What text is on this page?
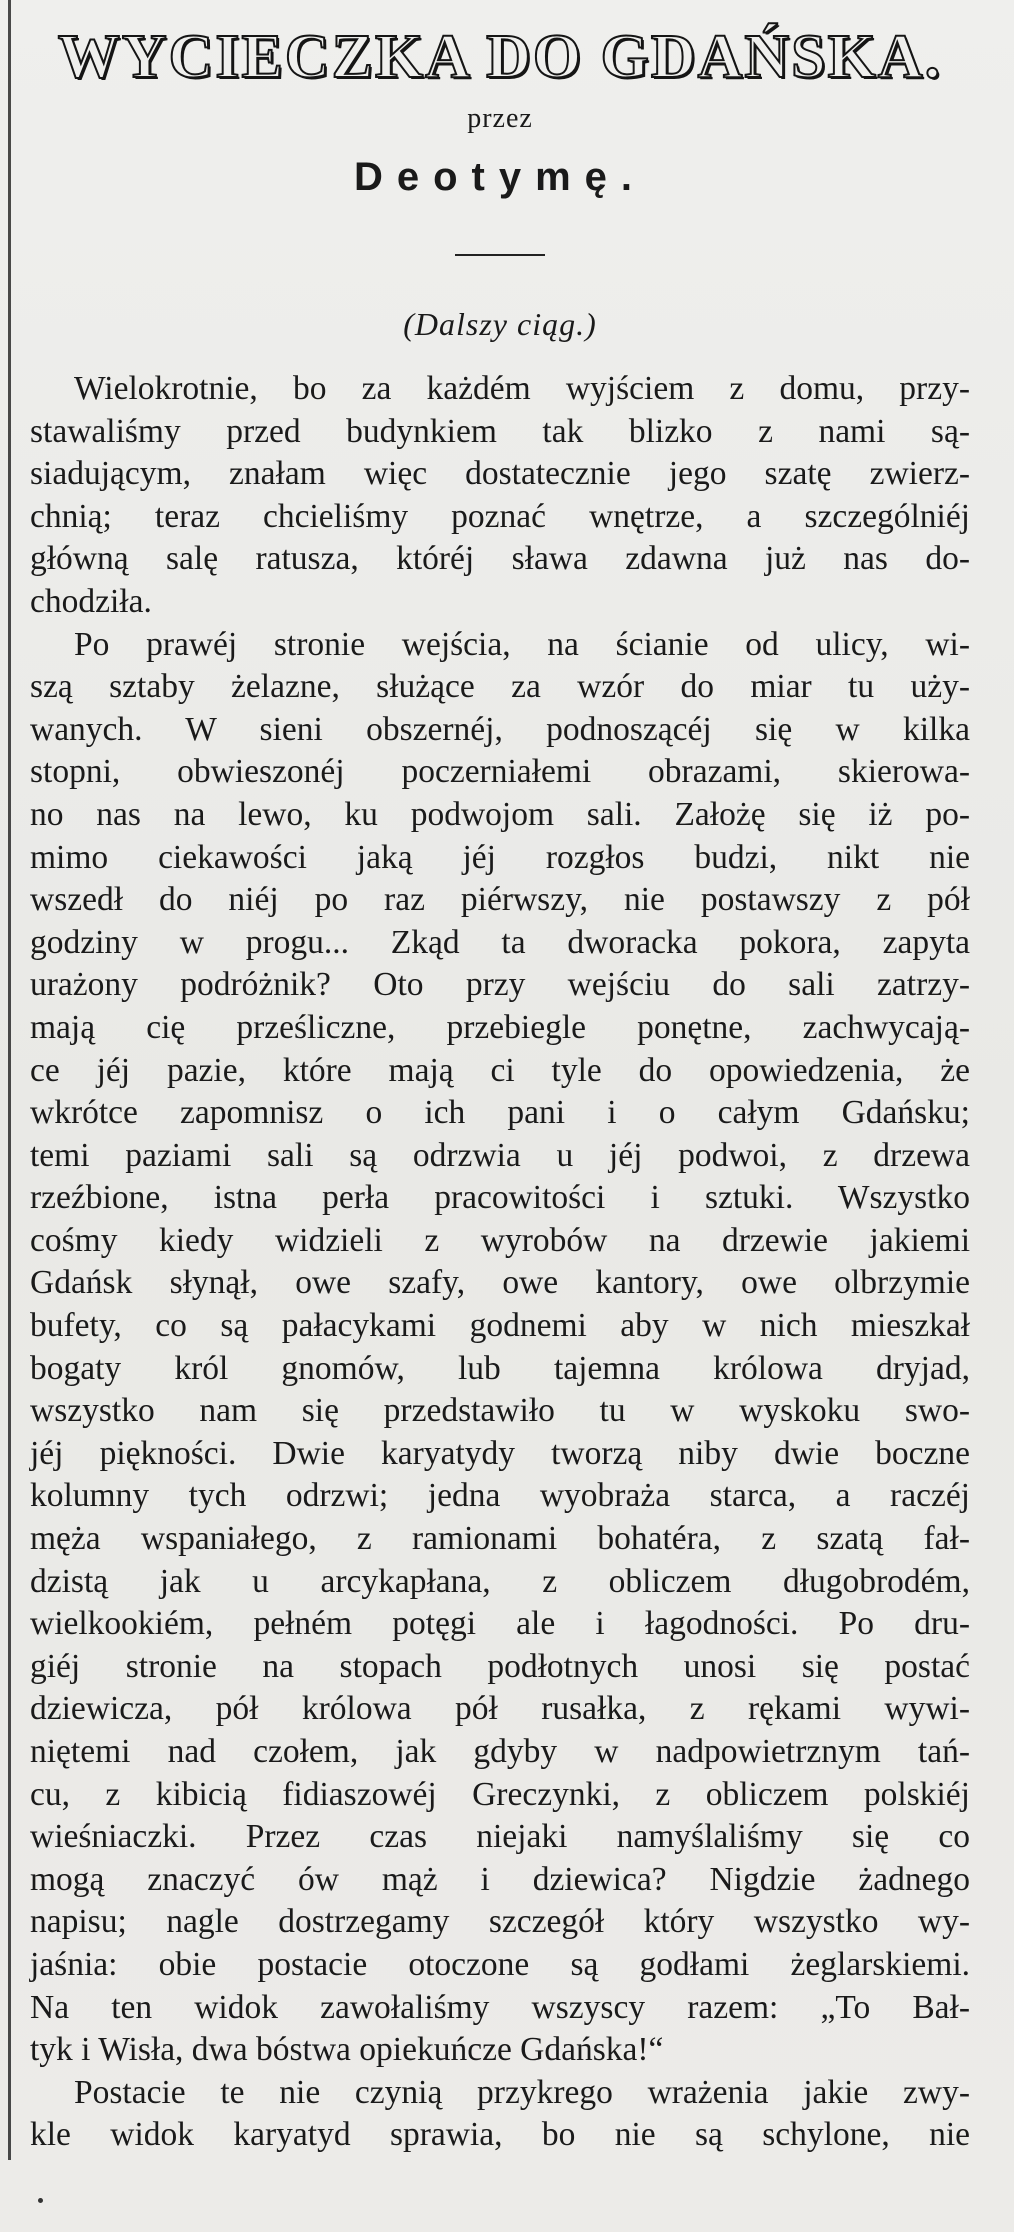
WYCIECZKA DO GDAŃSKA.
przez
Deotymę.
(Dalszy ciąg.)
Wielokrotnie, bo za każdém wyjściem z domu, przy-
stawaliśmy przed budynkiem tak blizko z nami są-
siadującym, znałam więc dostatecznie jego szatę zwierz-
chnią; teraz chcieliśmy poznać wnętrze, a szczególniéj
główną salę ratusza, któréj sława zdawna już nas do-
chodziła.
Po prawéj stronie wejścia, na ścianie od ulicy, wi-
szą sztaby żelazne, służące za wzór do miar tu uży-
wanych. W sieni obszernéj, podnoszącéj się w kilka
stopni, obwieszonéj poczerniałemi obrazami, skierowa-
no nas na lewo, ku podwojom sali. Założę się iż po-
mimo ciekawości jaką jéj rozgłos budzi, nikt nie
wszedł do niéj po raz piérwszy, nie postawszy z pół
godziny w progu... Zkąd ta dworacka pokora, zapyta
urażony podróżnik? Oto przy wejściu do sali zatrzy-
mają cię prześliczne, przebiegle ponętne, zachwycają-
ce jéj pazie, które mają ci tyle do opowiedzenia, że
wkrótce zapomnisz o ich pani i o całym Gdańsku;
temi paziami sali są odrzwia u jéj podwoi, z drzewa
rzeźbione, istna perła pracowitości i sztuki. Wszystko
cośmy kiedy widzieli z wyrobów na drzewie jakiemi
Gdańsk słynął, owe szafy, owe kantory, owe olbrzymie
bufety, co są pałacykami godnemi aby w nich mieszkał
bogaty król gnomów, lub tajemna królowa dryjad,
wszystko nam się przedstawiło tu w wyskoku swo-
jéj piękności. Dwie karyatydy tworzą niby dwie boczne
kolumny tych odrzwi; jedna wyobraża starca, a raczéj
męża wspaniałego, z ramionami bohatéra, z szatą fał-
dzistą jak u arcykapłana, z obliczem długobrodém,
wielkookiém, pełném potęgi ale i łagodności. Po dru-
giéj stronie na stopach podłotnych unosi się postać
dziewicza, pół królowa pół rusałka, z rękami wywi-
niętemi nad czołem, jak gdyby w nadpowietrznym tań-
cu, z kibicią fidiaszowéj Greczynki, z obliczem polskiéj
wieśniaczki. Przez czas niejaki namyślaliśmy się co
mogą znaczyć ów mąż i dziewica? Nigdzie żadnego
napisu; nagle dostrzegamy szczegół który wszystko wy-
jaśnia: obie postacie otoczone są godłami żeglarskiemi.
Na ten widok zawołaliśmy wszyscy razem: „To Bał-
tyk i Wisła, dwa bóstwa opiekuńcze Gdańska!“
Postacie te nie czynią przykrego wrażenia jakie zwy-
kle widok karyatyd sprawia, bo nie są schylone, nie
